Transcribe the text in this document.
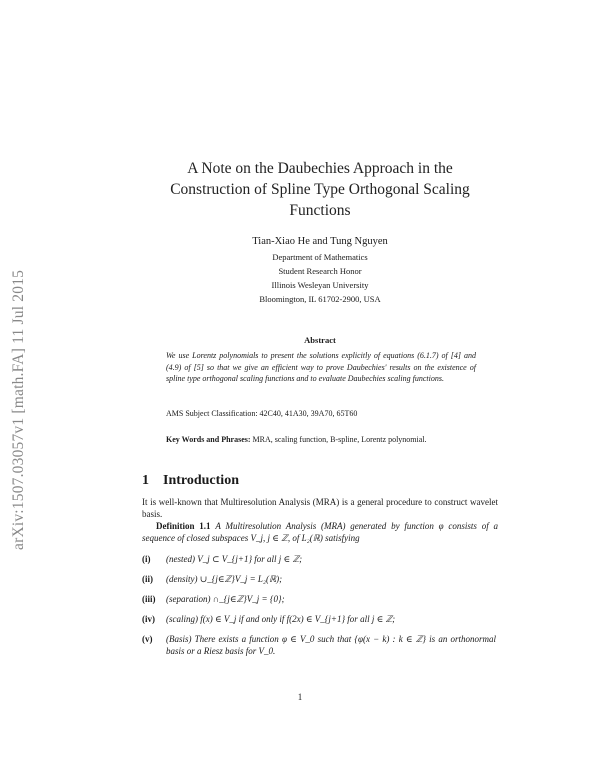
arXiv:1507.03057v1 [math.FA] 11 Jul 2015
A Note on the Daubechies Approach in the
Construction of Spline Type Orthogonal Scaling
Functions
Tian-Xiao He and Tung Nguyen
Department of Mathematics
Student Research Honor
Illinois Wesleyan University
Bloomington, IL 61702-2900, USA
Abstract
We use Lorentz polynomials to present the solutions explicitly of equations (6.1.7) of [4] and (4.9) of [5] so that we give an efficient way to prove Daubechies' results on the existence of spline type orthogonal scaling functions and to evaluate Daubechies scaling functions.
AMS Subject Classification: 42C40, 41A30, 39A70, 65T60
Key Words and Phrases: MRA, scaling function, B-spline, Lorentz polynomial.
1 Introduction
It is well-known that Multiresolution Analysis (MRA) is a general procedure to construct wavelet basis.
Definition 1.1 A Multiresolution Analysis (MRA) generated by function φ consists of a sequence of closed subspaces V_j, j ∈ ℤ, of L₂(ℝ) satisfying
(i) (nested) V_j ⊂ V_{j+1} for all j ∈ ℤ;
(ii) (density) ∪_{j∈ℤ}V_j = L₂(ℝ);
(iii) (separation) ∩_{j∈ℤ}V_j = {0};
(iv) (scaling) f(x) ∈ V_j if and only if f(2x) ∈ V_{j+1} for all j ∈ ℤ;
(v) (Basis) There exists a function φ ∈ V_0 such that {φ(x − k) : k ∈ ℤ} is an orthonormal basis or a Riesz basis for V_0.
1
